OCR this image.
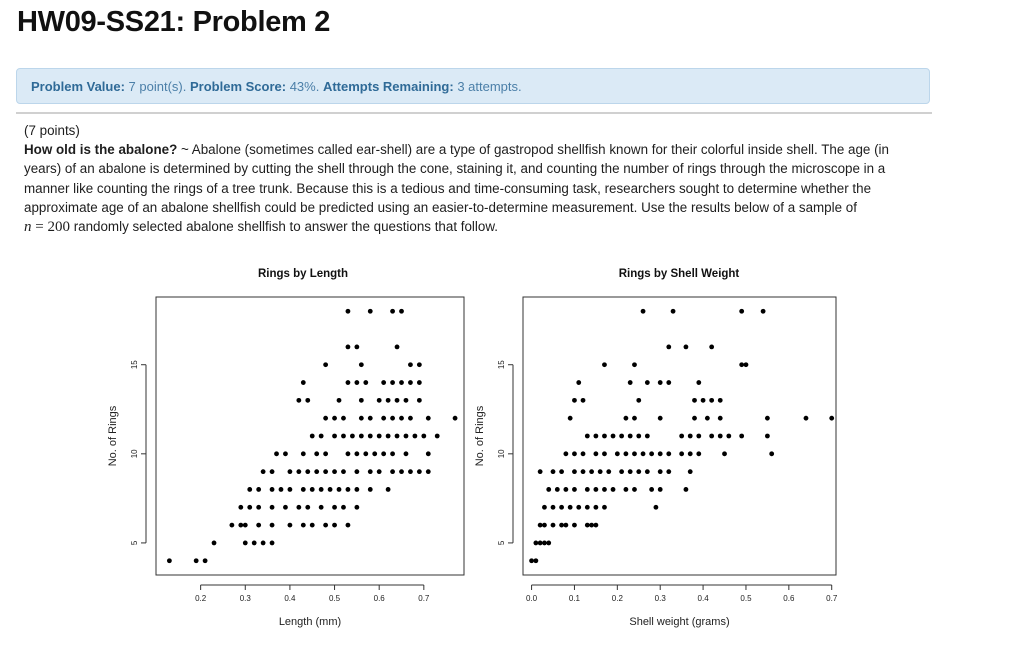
HW09-SS21: Problem 2
Problem Value: 7 point(s). Problem Score: 43%. Attempts Remaining: 3 attempts.

(7 points)

How old is the abalone? ~ Abalone (sometimes called ear-shell) are a type of gastropod shellfish known for their colorful inside shell. The age (in years) of an abalone is determined by cutting the shell through the cone, staining it, and counting the number of rings through the microscope in a manner like counting the rings of a tree trunk. Because this is a tedious and time-consuming task, researchers sought to determine whether the approximate age of an abalone shellfish could be predicted using an easier-to-determine measurement. Use the results below of a sample of
n = 200 randomly selected abalone shellfish to answer the questions that follow.

Rings by Length
0.2	0.3	0.4	0.5	0.6	0.7
5
10
15
Length (mm)
No. of Rings
Rings by Shell Weight
0.0	0.1	0.2	0.3	0.4	0.5	0.6	0.7
5
10
15
Shell weight (grams)
No. of Rings
